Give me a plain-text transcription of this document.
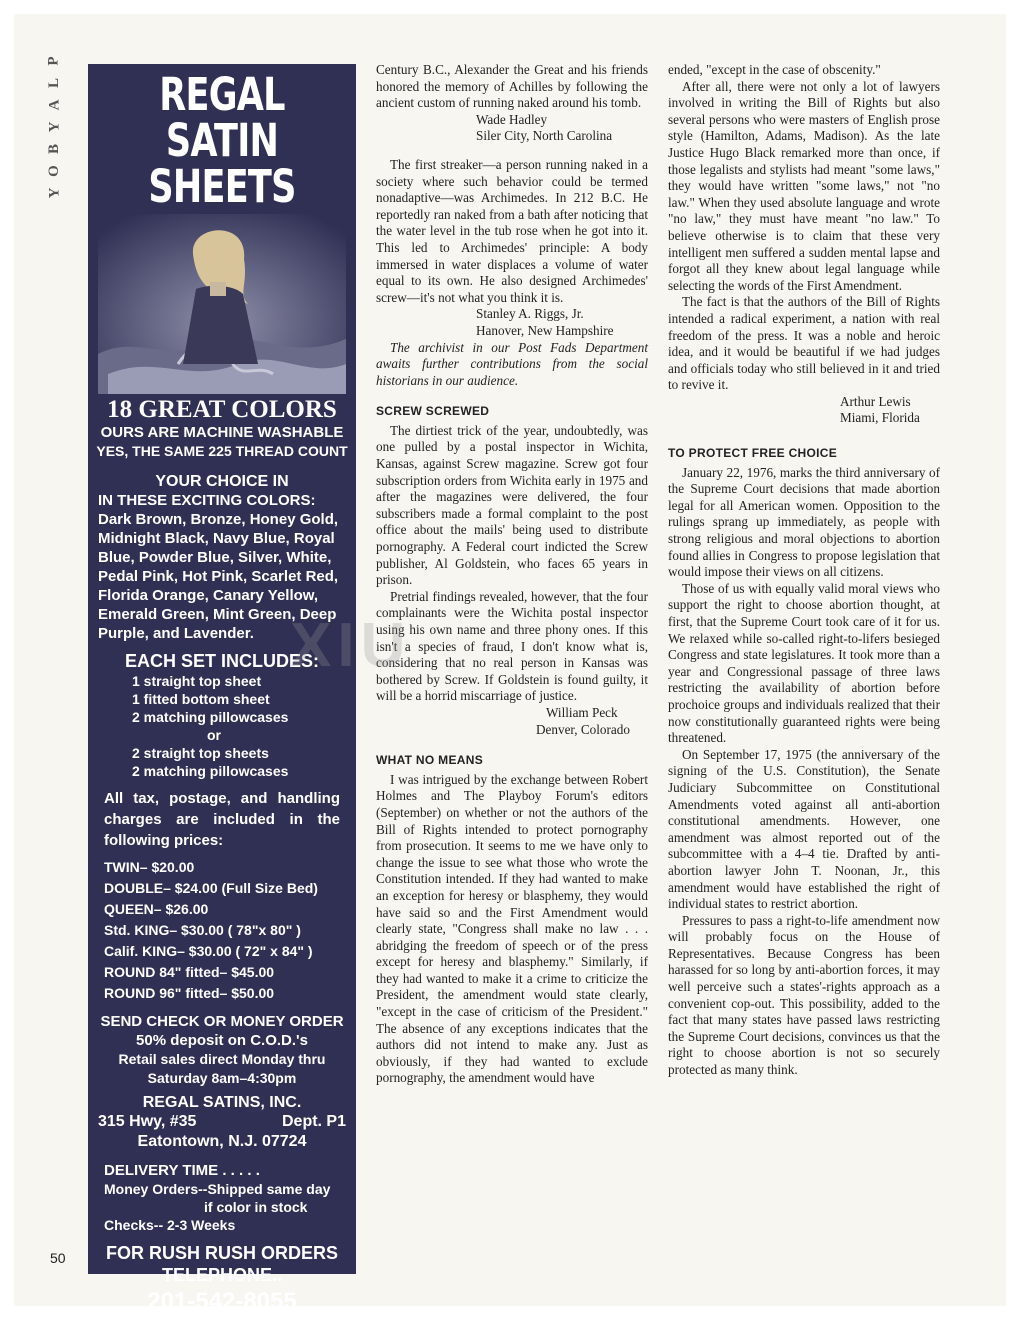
P
L
A
Y
B
O
Y
50
REGAL
SATIN SHEETS
18 GREAT COLORS
OURS ARE MACHINE WASHABLE
YES, THE SAME 225 THREAD COUNT
YOUR CHOICE IN

IN THESE EXCITING COLORS:

Dark Brown, Bronze, Honey Gold,

Midnight Black, Navy Blue, Royal

Blue, Powder Blue, Silver, White,

Pedal Pink, Hot Pink, Scarlet Red,

Florida Orange, Canary Yellow,

Emerald Green, Mint Green, Deep

Purple, and Lavender.

EACH SET INCLUDES:
1 straight top sheet
1 fitted bottom sheet
2 matching pillowcases
or
2 straight top sheets
2 matching pillowcases
All tax, postage, and handling charges are included in the following prices:
TWIN– $20.00
DOUBLE– $24.00 (Full Size Bed)
QUEEN– $26.00
Std. KING– $30.00 ( 78"x 80" )
Calif. KING– $30.00 ( 72" x 84" )
ROUND 84" fitted– $45.00
ROUND 96" fitted– $50.00
SEND CHECK OR MONEY ORDER
50% deposit on C.O.D.'s
Retail sales direct Monday thru
Saturday 8am–4:30pm
REGAL SATINS, INC.
315 Hwy, #35	Dept. P1
Eatontown, N.J. 07724
DELIVERY TIME . . . . .
Money Orders--Shipped same day
if color in stock
Checks-- 2-3 Weeks
FOR RUSH RUSH ORDERS
TELEPHONE..
201-542-8055

Century B.C., Alexander the Great and his friends honored the memory of Achilles by following the ancient custom of running naked around his tomb.

Wade Hadley

Siler City, North Carolina

The first streaker—a person running naked in a society where such behavior could be termed nonadaptive—was Archimedes. In 212 B.C. He reportedly ran naked from a bath after noticing that the water level in the tub rose when he got into it. This led to Archimedes' principle: A body immersed in water displaces a volume of water equal to its own. He also designed Archimedes' screw—it's not what you think it is.

Stanley A. Riggs, Jr.

Hanover, New Hampshire

The archivist in our Post Fads Department awaits further contributions from the social historians in our audience.

SCREW SCREWED

The dirtiest trick of the year, undoubtedly, was one pulled by a postal inspector in Wichita, Kansas, against Screw magazine. Screw got four subscription orders from Wichita early in 1975 and after the magazines were delivered, the four subscribers made a formal complaint to the post office about the mails' being used to distribute pornography. A Federal court indicted the Screw publisher, Al Goldstein, who faces 65 years in prison.

Pretrial findings revealed, however, that the four complainants were the Wichita postal inspector using his own name and three phony ones. If this isn't a species of fraud, I don't know what is, considering that no real person in Kansas was bothered by Screw. If Goldstein is found guilty, it will be a horrid miscarriage of justice.

William Peck

Denver, Colorado

WHAT NO MEANS

I was intrigued by the exchange between Robert Holmes and The Playboy Forum's editors (September) on whether or not the authors of the Bill of Rights intended to protect pornography from prosecution. It seems to me we have only to change the issue to see what those who wrote the Constitution intended. If they had wanted to make an exception for heresy or blasphemy, they would have said so and the First Amendment would clearly state, "Congress shall make no law . . . abridging the freedom of speech or of the press except for heresy and blasphemy." Similarly, if they had wanted to make it a crime to criticize the President, the amendment would state clearly, "except in the case of criticism of the President." The absence of any exceptions indicates that the authors did not intend to make any. Just as obviously, if they had wanted to exclude pornography, the amendment would have

ended, "except in the case of obscenity."

After all, there were not only a lot of lawyers involved in writing the Bill of Rights but also several persons who were masters of English prose style (Hamilton, Adams, Madison). As the late Justice Hugo Black remarked more than once, if those legalists and stylists had meant "some laws," they would have written "some laws," not "no law." When they used absolute language and wrote "no law," they must have meant "no law." To believe otherwise is to claim that these very intelligent men suffered a sudden mental lapse and forgot all they knew about legal language while selecting the words of the First Amendment.

The fact is that the authors of the Bill of Rights intended a radical experiment, a nation with real freedom of the press. It was a noble and heroic idea, and it would be beautiful if we had judges and officials today who still believed in it and tried to revive it.

Arthur Lewis

Miami, Florida

TO PROTECT FREE CHOICE

January 22, 1976, marks the third anniversary of the Supreme Court decisions that made abortion legal for all American women. Opposition to the rulings sprang up immediately, as people with strong religious and moral objections to abortion found allies in Congress to propose legislation that would impose their views on all citizens.

Those of us with equally valid moral views who support the right to choose abortion thought, at first, that the Supreme Court took care of it for us. We relaxed while so-called right-to-lifers besieged Congress and state legislatures. It took more than a year and Congressional passage of three laws restricting the availability of abortion before prochoice groups and individuals realized that their now constitutionally guaranteed rights were being threatened.

On September 17, 1975 (the anniversary of the signing of the U.S. Constitution), the Senate Judiciary Subcommittee on Constitutional Amendments voted against all anti-abortion constitutional amendments. However, one amendment was almost reported out of the subcommittee with a 4–4 tie. Drafted by anti-abortion lawyer John T. Noonan, Jr., this amendment would have established the right of individual states to restrict abortion.

Pressures to pass a right-to-life amendment now will probably focus on the House of Representatives. Because Congress has been harassed for so long by anti-abortion forces, it may well perceive such a states'-rights approach as a convenient cop-out. This possibility, added to the fact that many states have passed laws restricting the Supreme Court decisions, convinces us that the right to choose abortion is not so securely protected as many think.

XIU
